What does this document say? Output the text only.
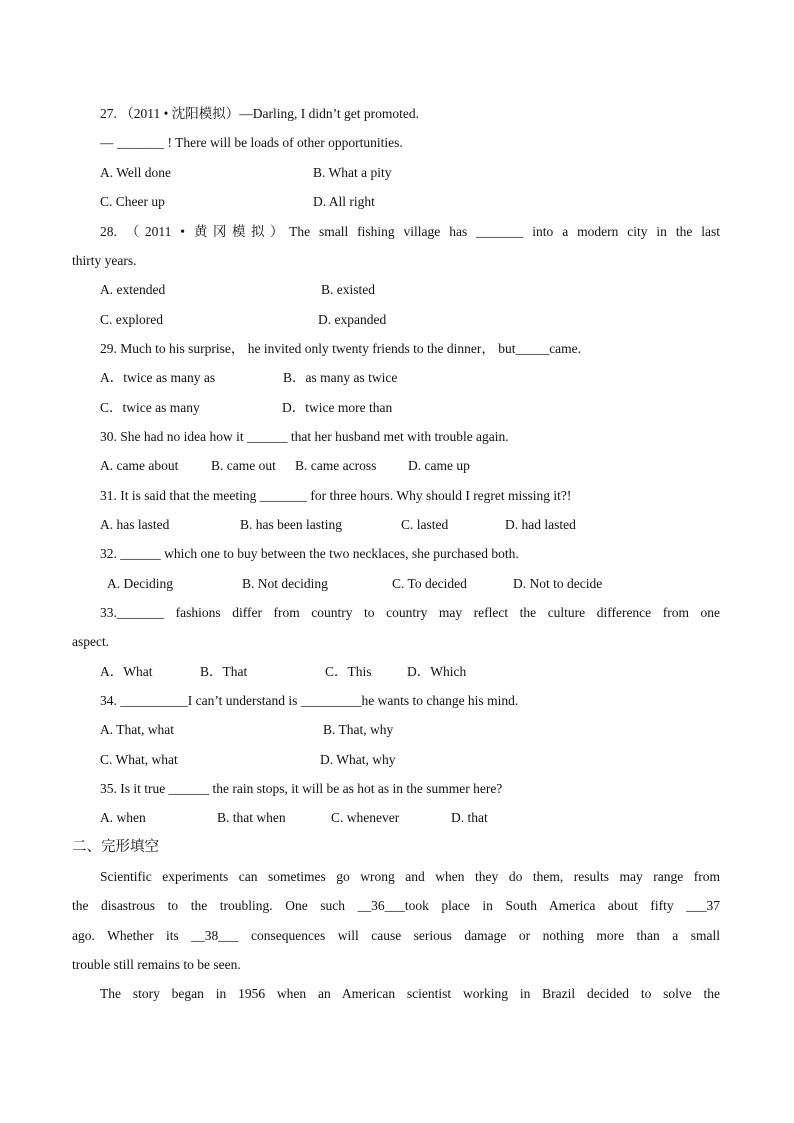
27. （2011 • 沈阳模拟）—Darling, I didn’t get promoted.
— _______ ! There will be loads of other opportunities.
A. Well done	B. What a pity
C. Cheer up	D. All right
28. （2011 • 黄冈模拟）The small fishing village has _______ into a modern city in the last
thirty years.
A. extended	B. existed
C. explored	D. expanded
29. Much to his surprise， he invited only twenty friends to the dinner， but_____came.
A．twice as many as	B．as many as twice
C．twice as many	D．twice more than
30. She had no idea how it ______ that her husband met with trouble again.
A. came about B. came out B. came across D. came up
31. It is said that the meeting _______ for three hours. Why should I regret missing it?!
A. has lasted	B. has been lasting	C. lasted	D. had lasted
32. ______ which one to buy between the two necklaces, she purchased both.
A. Deciding	B. Not deciding	C. To decided	D. Not to decide
33._______ fashions differ from country to country may reflect the culture difference from one
aspect.
A．What	B．That	C．This	D．Which
34. __________I can’t understand is _________he wants to change his mind.
A. That, what	B. That, why
C. What, what	D. What, why
35. Is it true ______ the rain stops, it will be as hot as in the summer here?
A. when	B. that when	C. whenever	D. that
二、完形填空
Scientific experiments can sometimes go wrong and when they do them, results may range from
the disastrous to the troubling. One such __36___took place in South America about fifty ___37
ago. Whether its __38___ consequences will cause serious damage or nothing more than a small
trouble still remains to be seen.
The story began in 1956 when an American scientist working in Brazil decided to solve the
